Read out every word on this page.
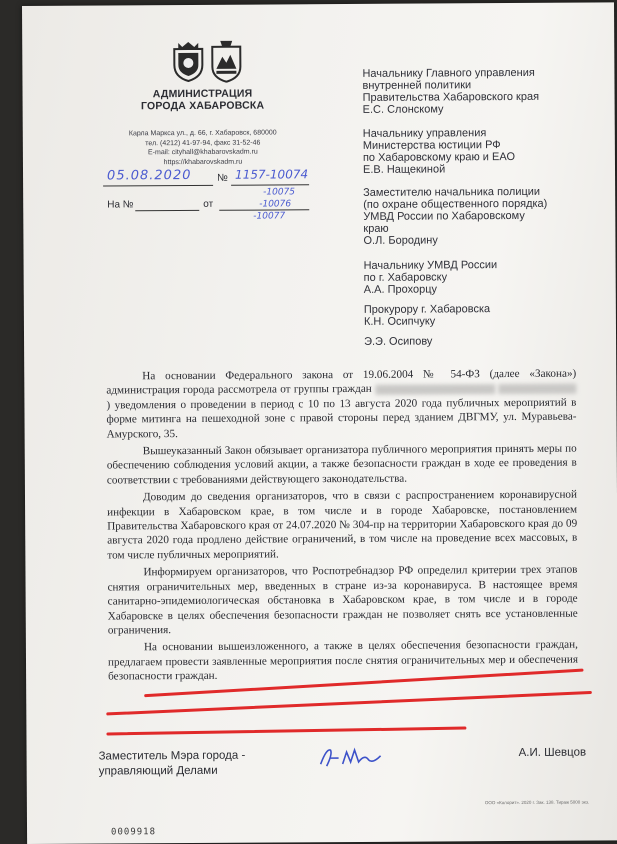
АДМИНИСТРАЦИЯ
ГОРОДА ХАБАРОВСКА
Карла Маркса ул., д. 66, г. Хабаровск, 680000
тел. (4212) 41-97-94, факс 31-52-46
E-mail: cityhall@khabarovskadm.ru
https://khabarovskadm.ru
05.08.2020	№ 1157-10074
На №	от
-10075
-10076
-10077
Начальнику Главного управления
внутренней политики
Правительства Хабаровского края
Е.С. Слонскому
Начальнику управления
Министерства юстиции РФ
по Хабаровскому краю и ЕАО
Е.В. Нащекиной
Заместителю начальника полиции
(по охране общественного порядка)
УМВД России по Хабаровскому
краю
О.Л. Бородину
Начальнику УМВД России
по г. Хабаровску
А.А. Прохорцу
Прокурору г. Хабаровска
К.Н. Осипчуку
Э.Э. Осипову

На основании Федерального закона от 19.06.2004 № 54-ФЗ (далее «Закона») администрация города рассмотрела от группы граждан  ) уведомления о проведении в период с 10 по 13 августа 2020 года публичных мероприятий в форме митинга на пешеходной зоне с правой стороны перед зданием ДВГМУ, ул. Муравьева-Амурского, 35.

Вышеуказанный Закон обязывает организатора публичного мероприятия принять меры по обеспечению соблюдения условий акции, а также безопасности граждан в ходе ее проведения в соответствии с требованиями действующего законодательства.

Доводим до сведения организаторов, что в связи с распространением коронавирусной инфекции в Хабаровском крае, в том числе и в городе Хабаровске, постановлением Правительства Хабаровского края от 24.07.2020 № 304-пр на территории Хабаровского края до 09 августа 2020 года продлено действие ограничений, в том числе на проведение всех массовых, в том числе публичных мероприятий.

Информируем организаторов, что Роспотребнадзор РФ определил критерии трех этапов снятия ограничительных мер, введенных в стране из-за коронавируса. В настоящее время санитарно-эпидемиологическая обстановка в Хабаровском крае, в том числе и в городе Хабаровске в целях обеспечения безопасности граждан не позволяет снять все установленные ограничения.

На основании вышеизложенного, а также в целях обеспечения безопасности граждан, предлагаем провести заявленные мероприятия после снятия ограничительных мер и обеспечения безопасности граждан.

Заместитель Мэра города -
управляющий Делами
А.И. Шевцов
ООО «Колорит». 2020 г. Зак. 138. Тираж 5000 экз.
0009918
